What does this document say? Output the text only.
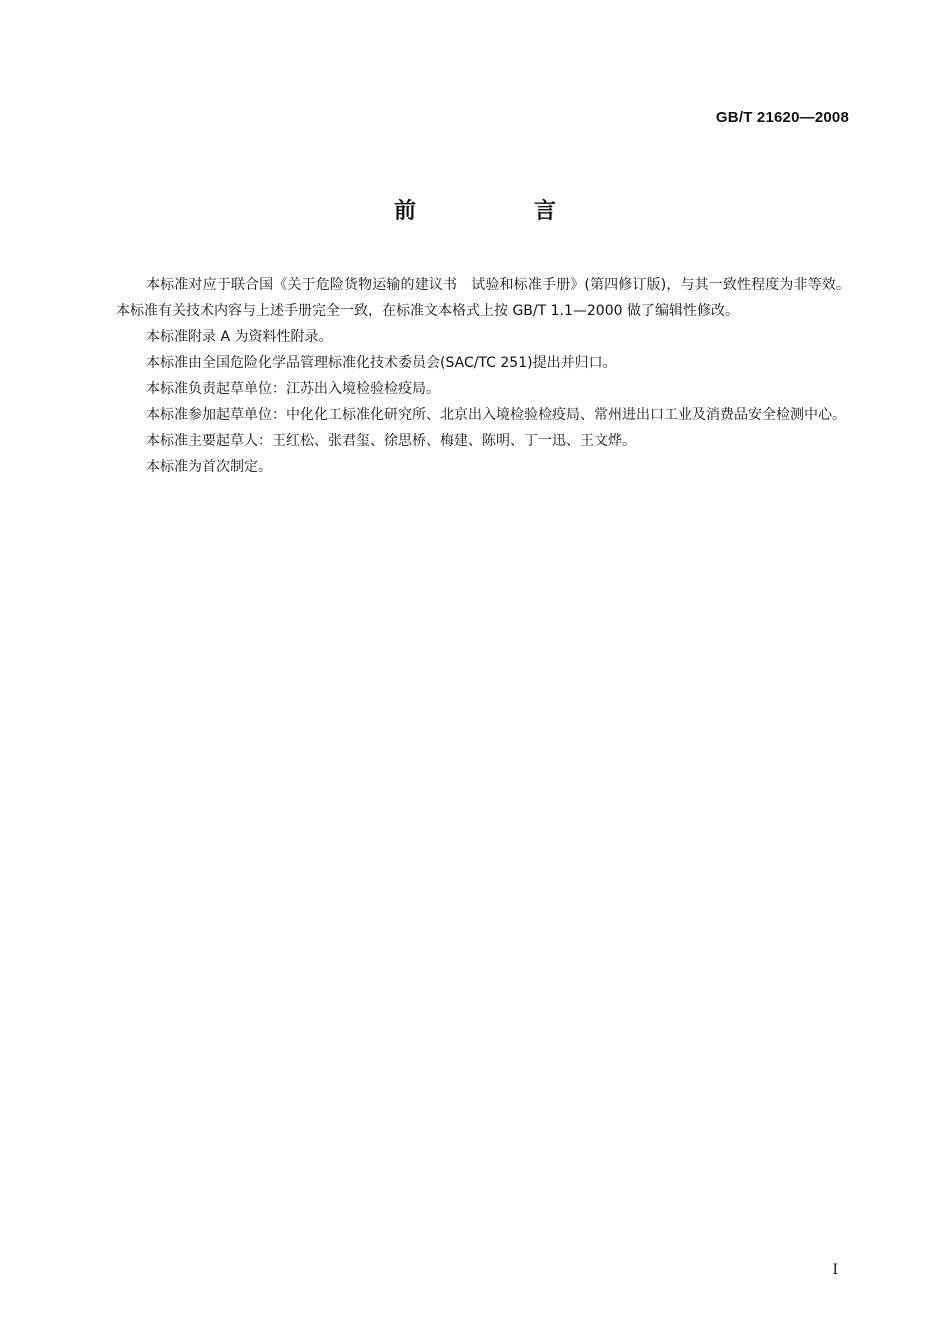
GB/T 21620—2008
前　言

本标准对应于联合国《关于危险货物运输的建议书　试验和标准手册》(第四修订版)，与其一致性程度为非等效。本标准有关技术内容与上述手册完全一致，在标准文本格式上按 GB/T 1.1—2000 做了编辑性修改。

本标准附录 A 为资料性附录。

本标准由全国危险化学品管理标准化技术委员会(SAC/TC 251)提出并归口。

本标准负责起草单位：江苏出入境检验检疫局。

本标准参加起草单位：中化化工标准化研究所、北京出入境检验检疫局、常州进出口工业及消费品安全检测中心。

本标准主要起草人：王红松、张君玺、徐思桥、梅建、陈明、丁一迅、王文烨。

本标准为首次制定。

I
